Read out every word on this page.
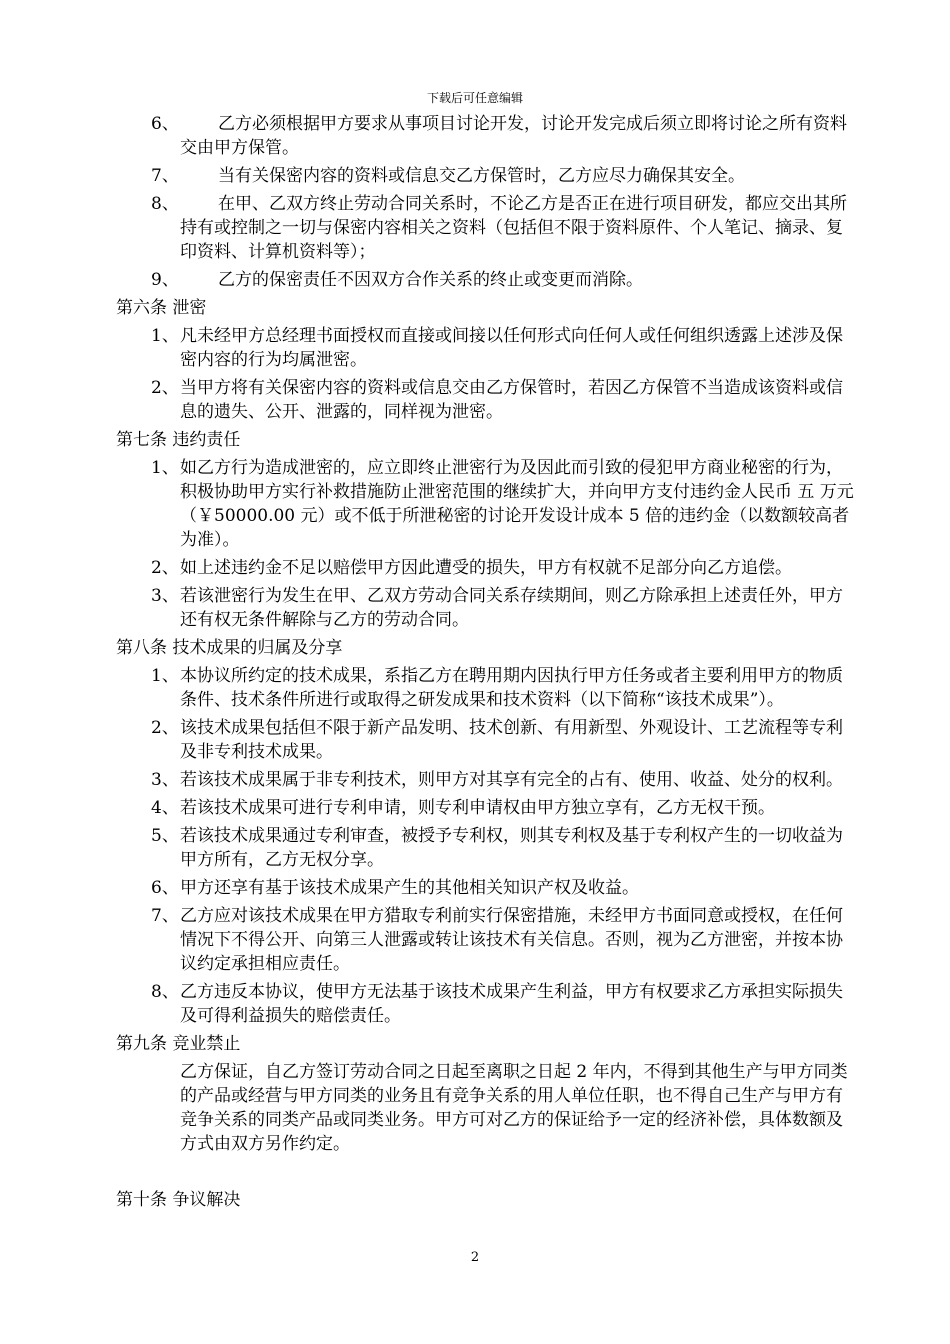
下载后可任意编辑
6、	乙方必须根据甲方要求从事项目讨论开发，讨论开发完成后须立即将讨论之所有资料交由甲方保管。
7、	当有关保密内容的资料或信息交乙方保管时，乙方应尽力确保其安全。
8、	在甲、乙双方终止劳动合同关系时，不论乙方是否正在进行项目研发，都应交出其所持有或控制之一切与保密内容相关之资料（包括但不限于资料原件、个人笔记、摘录、复印资料、计算机资料等）；
9、	乙方的保密责任不因双方合作关系的终止或变更而消除。
第六条 泄密
1、 凡未经甲方总经理书面授权而直接或间接以任何形式向任何人或任何组织透露上述涉及保密内容的行为均属泄密。
2、 当甲方将有关保密内容的资料或信息交由乙方保管时，若因乙方保管不当造成该资料或信息的遗失、公开、泄露的，同样视为泄密。
第七条 违约责任
1、 如乙方行为造成泄密的，应立即终止泄密行为及因此而引致的侵犯甲方商业秘密的行为，积极协助甲方实行补救措施防止泄密范围的继续扩大，并向甲方支付违约金人民币 五 万元（￥50000.00 元）或不低于所泄秘密的讨论开发设计成本 5 倍的违约金（以数额较高者为准）。
2、 如上述违约金不足以赔偿甲方因此遭受的损失，甲方有权就不足部分向乙方追偿。
3、 若该泄密行为发生在甲、乙双方劳动合同关系存续期间，则乙方除承担上述责任外，甲方还有权无条件解除与乙方的劳动合同。
第八条 技术成果的归属及分享
1、 本协议所约定的技术成果，系指乙方在聘用期内因执行甲方任务或者主要利用甲方的物质条件、技术条件所进行或取得之研发成果和技术资料（以下简称“该技术成果”）。
2、 该技术成果包括但不限于新产品发明、技术创新、有用新型、外观设计、工艺流程等专利及非专利技术成果。
3、 若该技术成果属于非专利技术，则甲方对其享有完全的占有、使用、收益、处分的权利。
4、 若该技术成果可进行专利申请，则专利申请权由甲方独立享有，乙方无权干预。
5、 若该技术成果通过专利审查，被授予专利权，则其专利权及基于专利权产生的一切收益为甲方所有，乙方无权分享。
6、 甲方还享有基于该技术成果产生的其他相关知识产权及收益。
7、 乙方应对该技术成果在甲方猎取专利前实行保密措施，未经甲方书面同意或授权，在任何情况下不得公开、向第三人泄露或转让该技术有关信息。否则，视为乙方泄密，并按本协议约定承担相应责任。
8、 乙方违反本协议，使甲方无法基于该技术成果产生利益，甲方有权要求乙方承担实际损失及可得利益损失的赔偿责任。
第九条 竞业禁止
乙方保证，自乙方签订劳动合同之日起至离职之日起 2 年内，不得到其他生产与甲方同类的产品或经营与甲方同类的业务且有竞争关系的用人单位任职，也不得自己生产与甲方有竞争关系的同类产品或同类业务。甲方可对乙方的保证给予一定的经济补偿，具体数额及方式由双方另作约定。
第十条 争议解决
2
